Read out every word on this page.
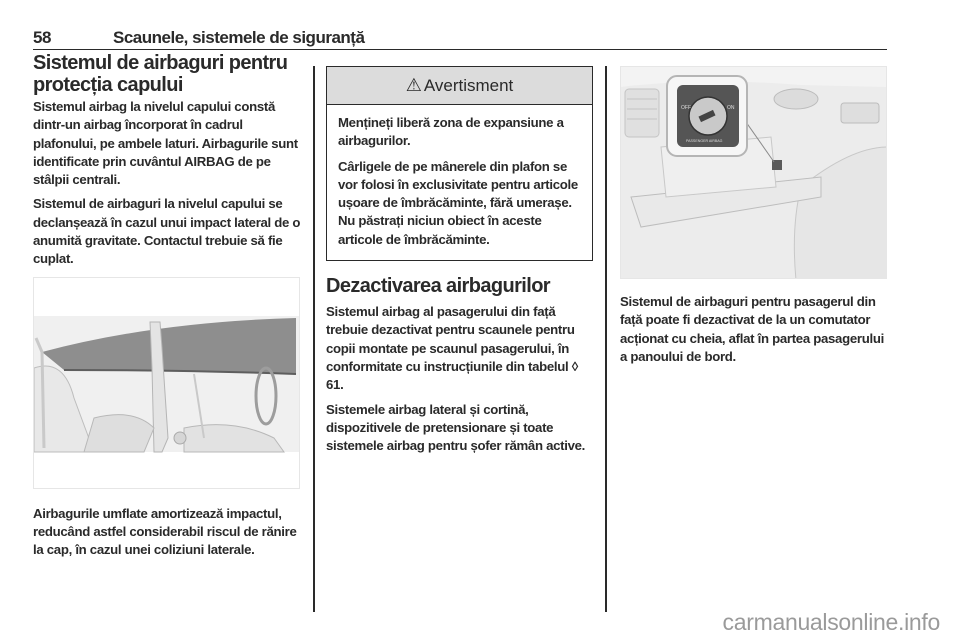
58	Scaunele, sistemele de siguranță
Sistemul de airbaguri pentru protecția capului

Sistemul airbag la nivelul capului constă dintr-un airbag încorporat în cadrul plafonului, pe ambele laturi. Airbagurile sunt identificate prin cuvântul AIRBAG de pe stâlpii centrali.

Sistemul de airbaguri la nivelul capului se declanșează în cazul unui impact lateral de o anumită gravitate. Contactul trebuie să fie cuplat.

Airbagurile umflate amortizează impactul, reducând astfel considerabil riscul de rănire la cap, în cazul unei coliziuni laterale.

⚠ Avertisment

Mențineți liberă zona de expansiune a airbagurilor.

Cârligele de pe mânerele din plafon se vor folosi în exclusivitate pentru articole ușoare de îmbrăcăminte, fără umerașe. Nu păstrați niciun obiect în aceste articole de îmbrăcăminte.

Dezactivarea airbagurilor

Sistemul airbag al pasagerului din față trebuie dezactivat pentru scaunele pentru copii montate pe scaunul pasagerului, în conformitate cu instrucțiunile din tabelul ◊ 61.

Sistemele airbag lateral și cortină, dispozitivele de pretensionare și toate sistemele airbag pentru șofer rămân active.

OFF	ON
PASSENGER AIRBAG

Sistemul de airbaguri pentru pasagerul din față poate fi dezactivat de la un comutator acționat cu cheia, aflat în partea pasagerului a panoului de bord.

carmanualsonline.info
